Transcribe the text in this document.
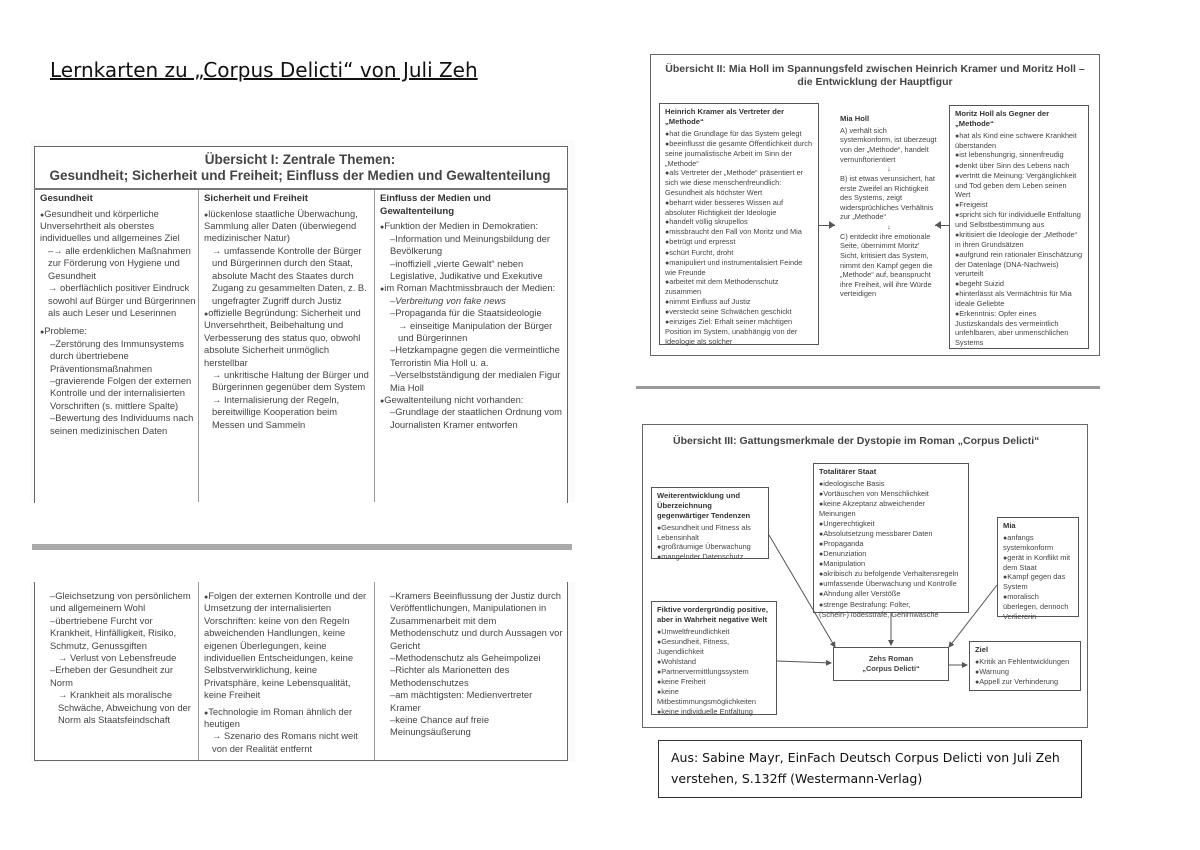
Lernkarten zu „Corpus Delicti“ von Juli Zeh
Übersicht I: Zentrale Themen:
Gesundheit; Sicherheit und Freiheit; Einfluss der Medien und Gewaltenteilung
Gesundheit
● Gesundheit und körperliche Unversehrtheit als oberstes individuelles und allgemeines Ziel
– → alle erdenklichen Maßnahmen zur Förderung von Hygiene und Gesundheit
→ oberflächlich positiver Eindruck sowohl auf Bürger und Bürgerinnen als auch Leser und Leserinnen
● Probleme:
– Zerstörung des Immunsystems durch übertriebene Präventionsmaßnahmen
– gravierende Folgen der externen Kontrolle und der internalisierten Vorschriften (s. mittlere Spalte)
– Bewertung des Individuums nach seinen medizinischen Daten
Sicherheit und Freiheit
● lückenlose staatliche Überwachung, Sammlung aller Daten (überwiegend medizinischer Natur)
→ umfassende Kontrolle der Bürger und Bürgerinnen durch den Staat, absolute Macht des Staates durch Zugang zu gesammelten Daten, z. B. ungefragter Zugriff durch Justiz
● offizielle Begründung: Sicherheit und Unversehrtheit, Beibehaltung und Verbesserung des status quo, obwohl absolute Sicherheit unmöglich herstellbar
→ unkritische Haltung der Bürger und Bürgerinnen gegenüber dem System
→ Internalisierung der Regeln, bereitwillige Kooperation beim Messen und Sammeln
Einfluss der Medien und Gewaltenteilung
● Funktion der Medien in Demokratien:
– Information und Meinungsbildung der Bevölkerung
– inoffiziell „vierte Gewalt“ neben Legislative, Judikative und Exekutive
● im Roman Machtmissbrauch der Medien:
– Verbreitung von fake news
– Propaganda für die Staatsideologie
→ einseitige Manipulation der Bürger und Bürgerinnen
– Hetzkampagne gegen die vermeintliche Terroristin Mia Holl u. a.
– Verselbstständigung der medialen Figur Mia Holl
● Gewaltenteilung nicht vorhanden:
– Grundlage der staatlichen Ordnung vom Journalisten Kramer entworfen
– Gleichsetzung von persönlichem und allgemeinem Wohl
– übertriebene Furcht vor Krankheit, Hinfälligkeit, Risiko, Schmutz, Genussgiften
→ Verlust von Lebensfreude
– Erheben der Gesundheit zur Norm
→ Krankheit als moralische Schwäche, Abweichung von der Norm als Staatsfeindschaft
● Folgen der externen Kontrolle und der Umsetzung der internalisierten Vorschriften: keine von den Regeln abweichenden Handlungen, keine eigenen Überlegungen, keine individuellen Entscheidungen, keine Selbstverwirklichung, keine Privatsphäre, keine Lebensqualität, keine Freiheit
● Technologie im Roman ähnlich der heutigen
→ Szenario des Romans nicht weit von der Realität entfernt
– Kramers Beeinflussung der Justiz durch Veröffentlichungen, Manipulationen in Zusammenarbeit mit dem Methodenschutz und durch Aussagen vor Gericht
– Methodenschutz als Geheimpolizei
– Richter als Marionetten des Methodenschutzes
– am mächtigsten: Medienvertreter Kramer
– keine Chance auf freie Meinungsäußerung
Übersicht II: Mia Holl im Spannungsfeld zwischen Heinrich Kramer und Moritz Holl –
die Entwicklung der Hauptfigur
Heinrich Kramer als Vertreter der „Methode“
● hat die Grundlage für das System gelegt
● beeinflusst die gesamte Öffentlichkeit durch seine journalistische Arbeit im Sinn der „Methode“
● als Vertreter der „Methode“ präsentiert er sich wie diese menschenfreundlich: Gesundheit als höchster Wert
● beharrt wider besseres Wissen auf absoluter Richtigkeit der Ideologie
● handelt völlig skrupellos
● missbraucht den Fall von Moritz und Mia
● betrügt und erpresst
● schürt Furcht, droht
● manipuliert und instrumentalisiert Feinde wie Freunde
● arbeitet mit dem Methodenschutz zusammen
● nimmt Einfluss auf Justiz
● versteckt seine Schwächen geschickt
● einziges Ziel: Erhalt seiner mächtigen Position im System, unabhängig von der Ideologie als solcher
Mia Holl
A) verhält sich systemkonform, ist überzeugt von der „Methode“, handelt vernunftorientiert
↓
B) ist etwas verunsichert, hat erste Zweifel an Richtigkeit des Systems, zeigt widersprüchliches Verhältnis zur „Methode“
↓
C) entdeckt ihre emotionale Seite, übernimmt Moritz' Sicht, kritisiert das System, nimmt den Kampf gegen die „Methode“ auf, beansprucht ihre Freiheit, will ihre Würde verteidigen
Moritz Holl als Gegner der „Methode“
● hat als Kind eine schwere Krankheit überstanden
● ist lebenshungrig, sinnenfreudig
● denkt über Sinn des Lebens nach
● vertritt die Meinung: Vergänglichkeit und Tod geben dem Leben seinen Wert
● Freigeist
● spricht sich für individuelle Entfaltung und Selbstbestimmung aus
● kritisiert die Ideologie der „Methode“ in ihren Grundsätzen
● aufgrund rein rationaler Einschätzung der Datenlage (DNA-Nachweis) verurteilt
● begeht Suizid
● hinterlässt als Vermächtnis für Mia ideale Geliebte
● Erkenntnis: Opfer eines Justizskandals des vermeintlich unfehlbaren, aber unmenschlichen Systems
Übersicht III: Gattungsmerkmale der Dystopie im Roman „Corpus Delicti“
Totalitärer Staat
● ideologische Basis
● Vortäuschen von Menschlichkeit
● keine Akzeptanz abweichender Meinungen
● Ungerechtigkeit
● Absolutsetzung messbarer Daten
● Propaganda
● Denunziation
● Manipulation
● akribisch zu befolgende Verhaltensregeln
● umfassende Überwachung und Kontrolle
● Ahndung aller Verstöße
● strenge Bestrafung: Folter, (Schein-)Todesstrafe, Gehirnwäsche
Weiterentwicklung und Überzeichnung gegenwärtiger Tendenzen
● Gesundheit und Fitness als Lebensinhalt
● großräumige Überwachung
● mangelnder Datenschutz
Mia
● anfangs systemkonform
● gerät in Konflikt mit dem Staat
● Kampf gegen das System
● moralisch überlegen, dennoch Verliererin
Fiktive vordergründig positive, aber in Wahrheit negative Welt
● Umweltfreundlichkeit
● Gesundheit, Fitness, Jugendlichkeit
● Wohlstand
● Partnervermittlungssystem
● keine Freiheit
● keine Mitbestimmungsmöglichkeiten
● keine individuelle Entfaltung
Zehs Roman
„Corpus Delicti“
Ziel
● Kritik an Fehlentwicklungen
● Warnung
● Appell zur Verhinderung
Aus: Sabine Mayr, EinFach Deutsch Corpus Delicti von Juli Zeh
verstehen, S.132ff (Westermann-Verlag)
